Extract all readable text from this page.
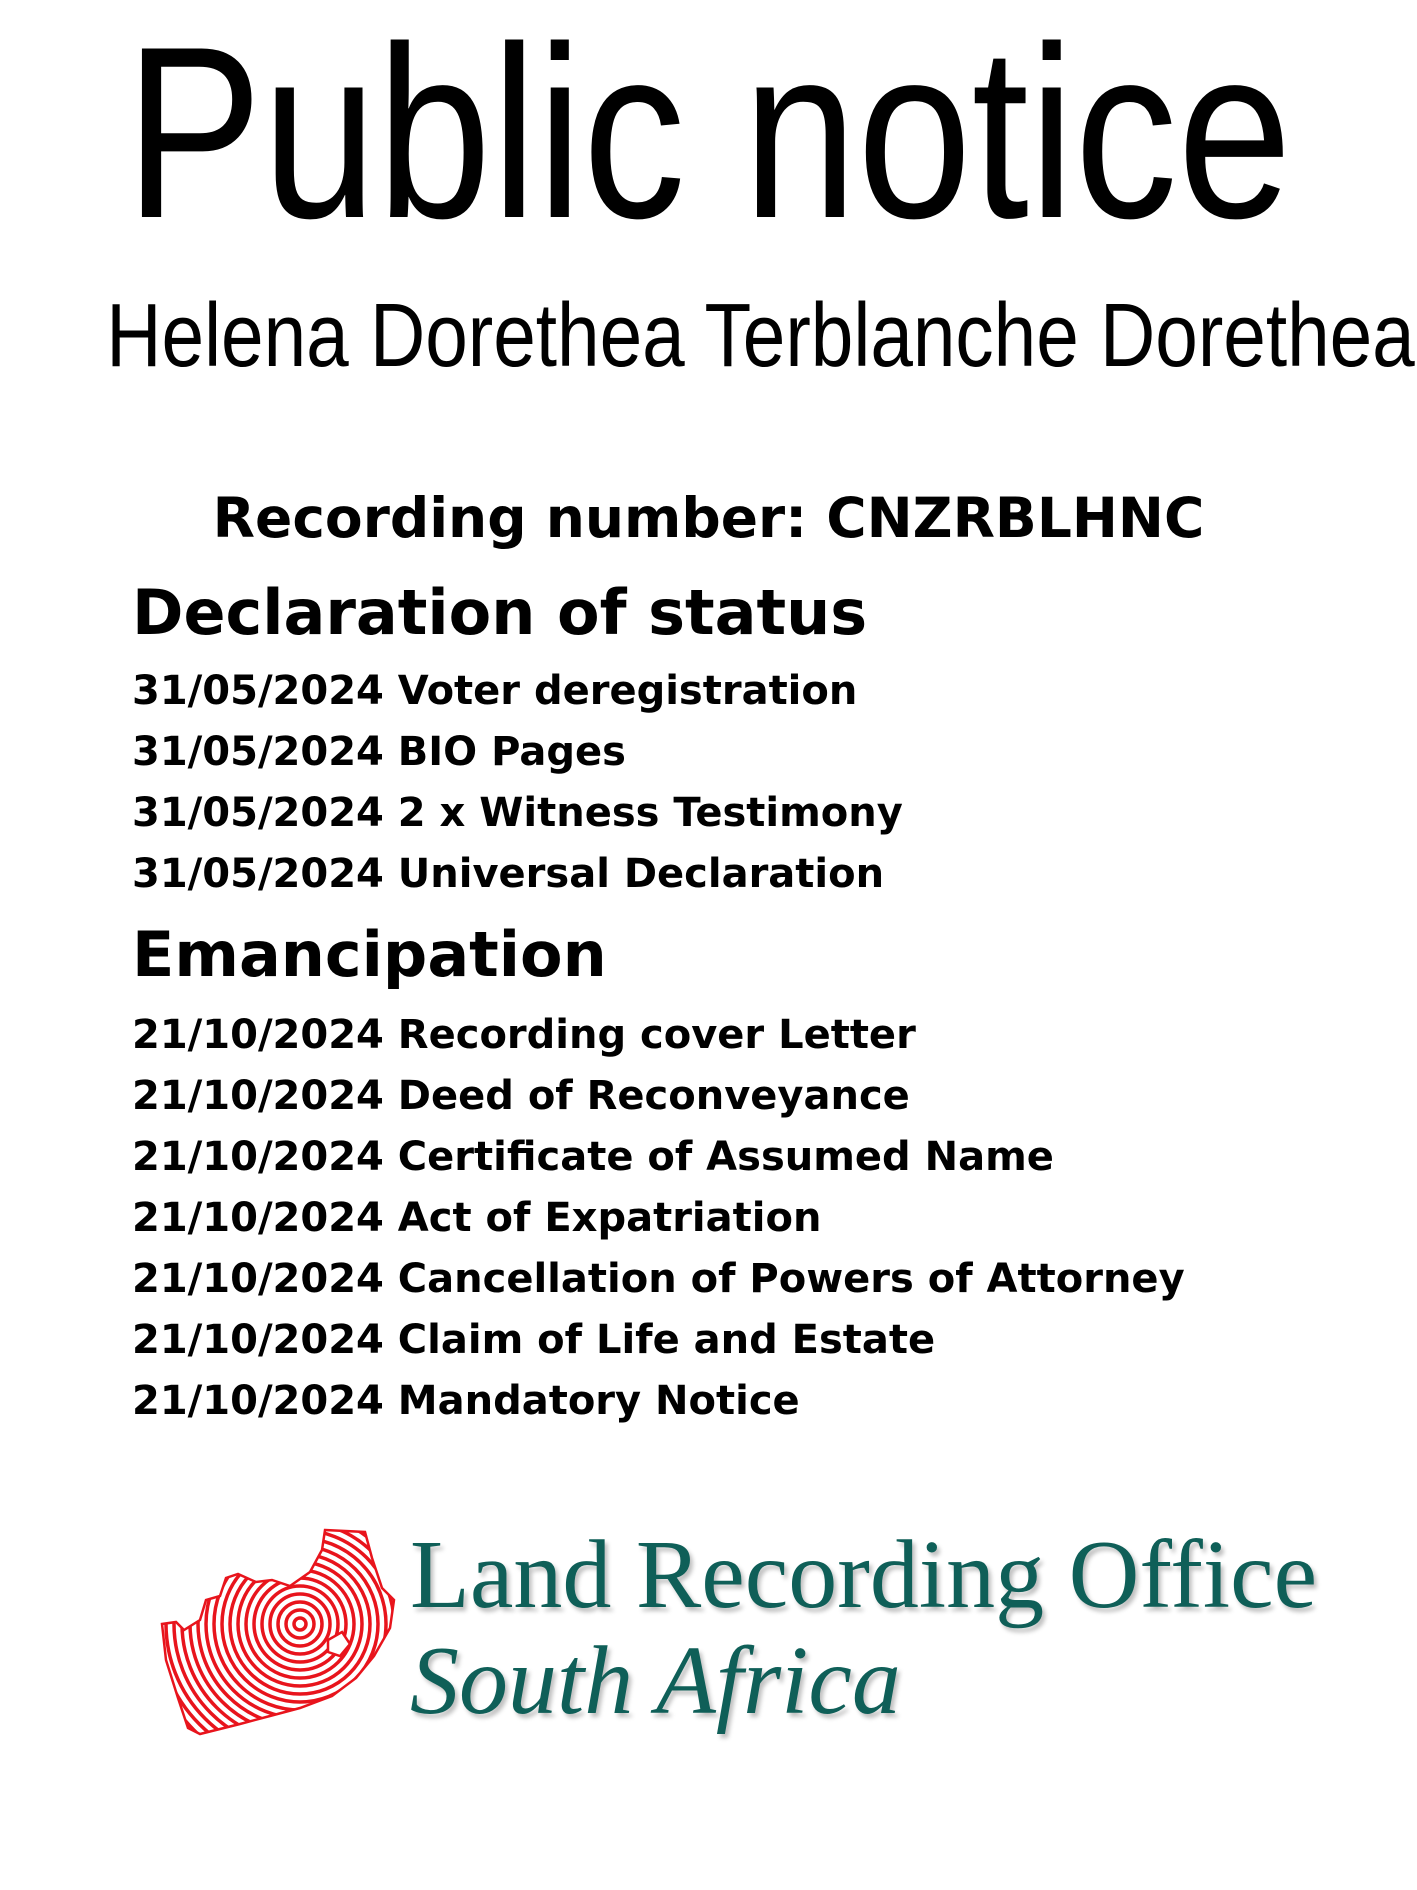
Public notice
Helena Dorethea Terblanche Dorethea
Recording number: CNZRBLHNC
Declaration of status
31/05/2024 Voter deregistration
31/05/2024 BIO Pages
31/05/2024 2 x Witness Testimony
31/05/2024 Universal Declaration
Emancipation
21/10/2024 Recording cover Letter
21/10/2024 Deed of Reconveyance
21/10/2024 Certificate of Assumed Name
21/10/2024 Act of Expatriation
21/10/2024 Cancellation of Powers of Attorney
21/10/2024 Claim of Life and Estate
21/10/2024 Mandatory Notice
Land Recording Office
South Africa
